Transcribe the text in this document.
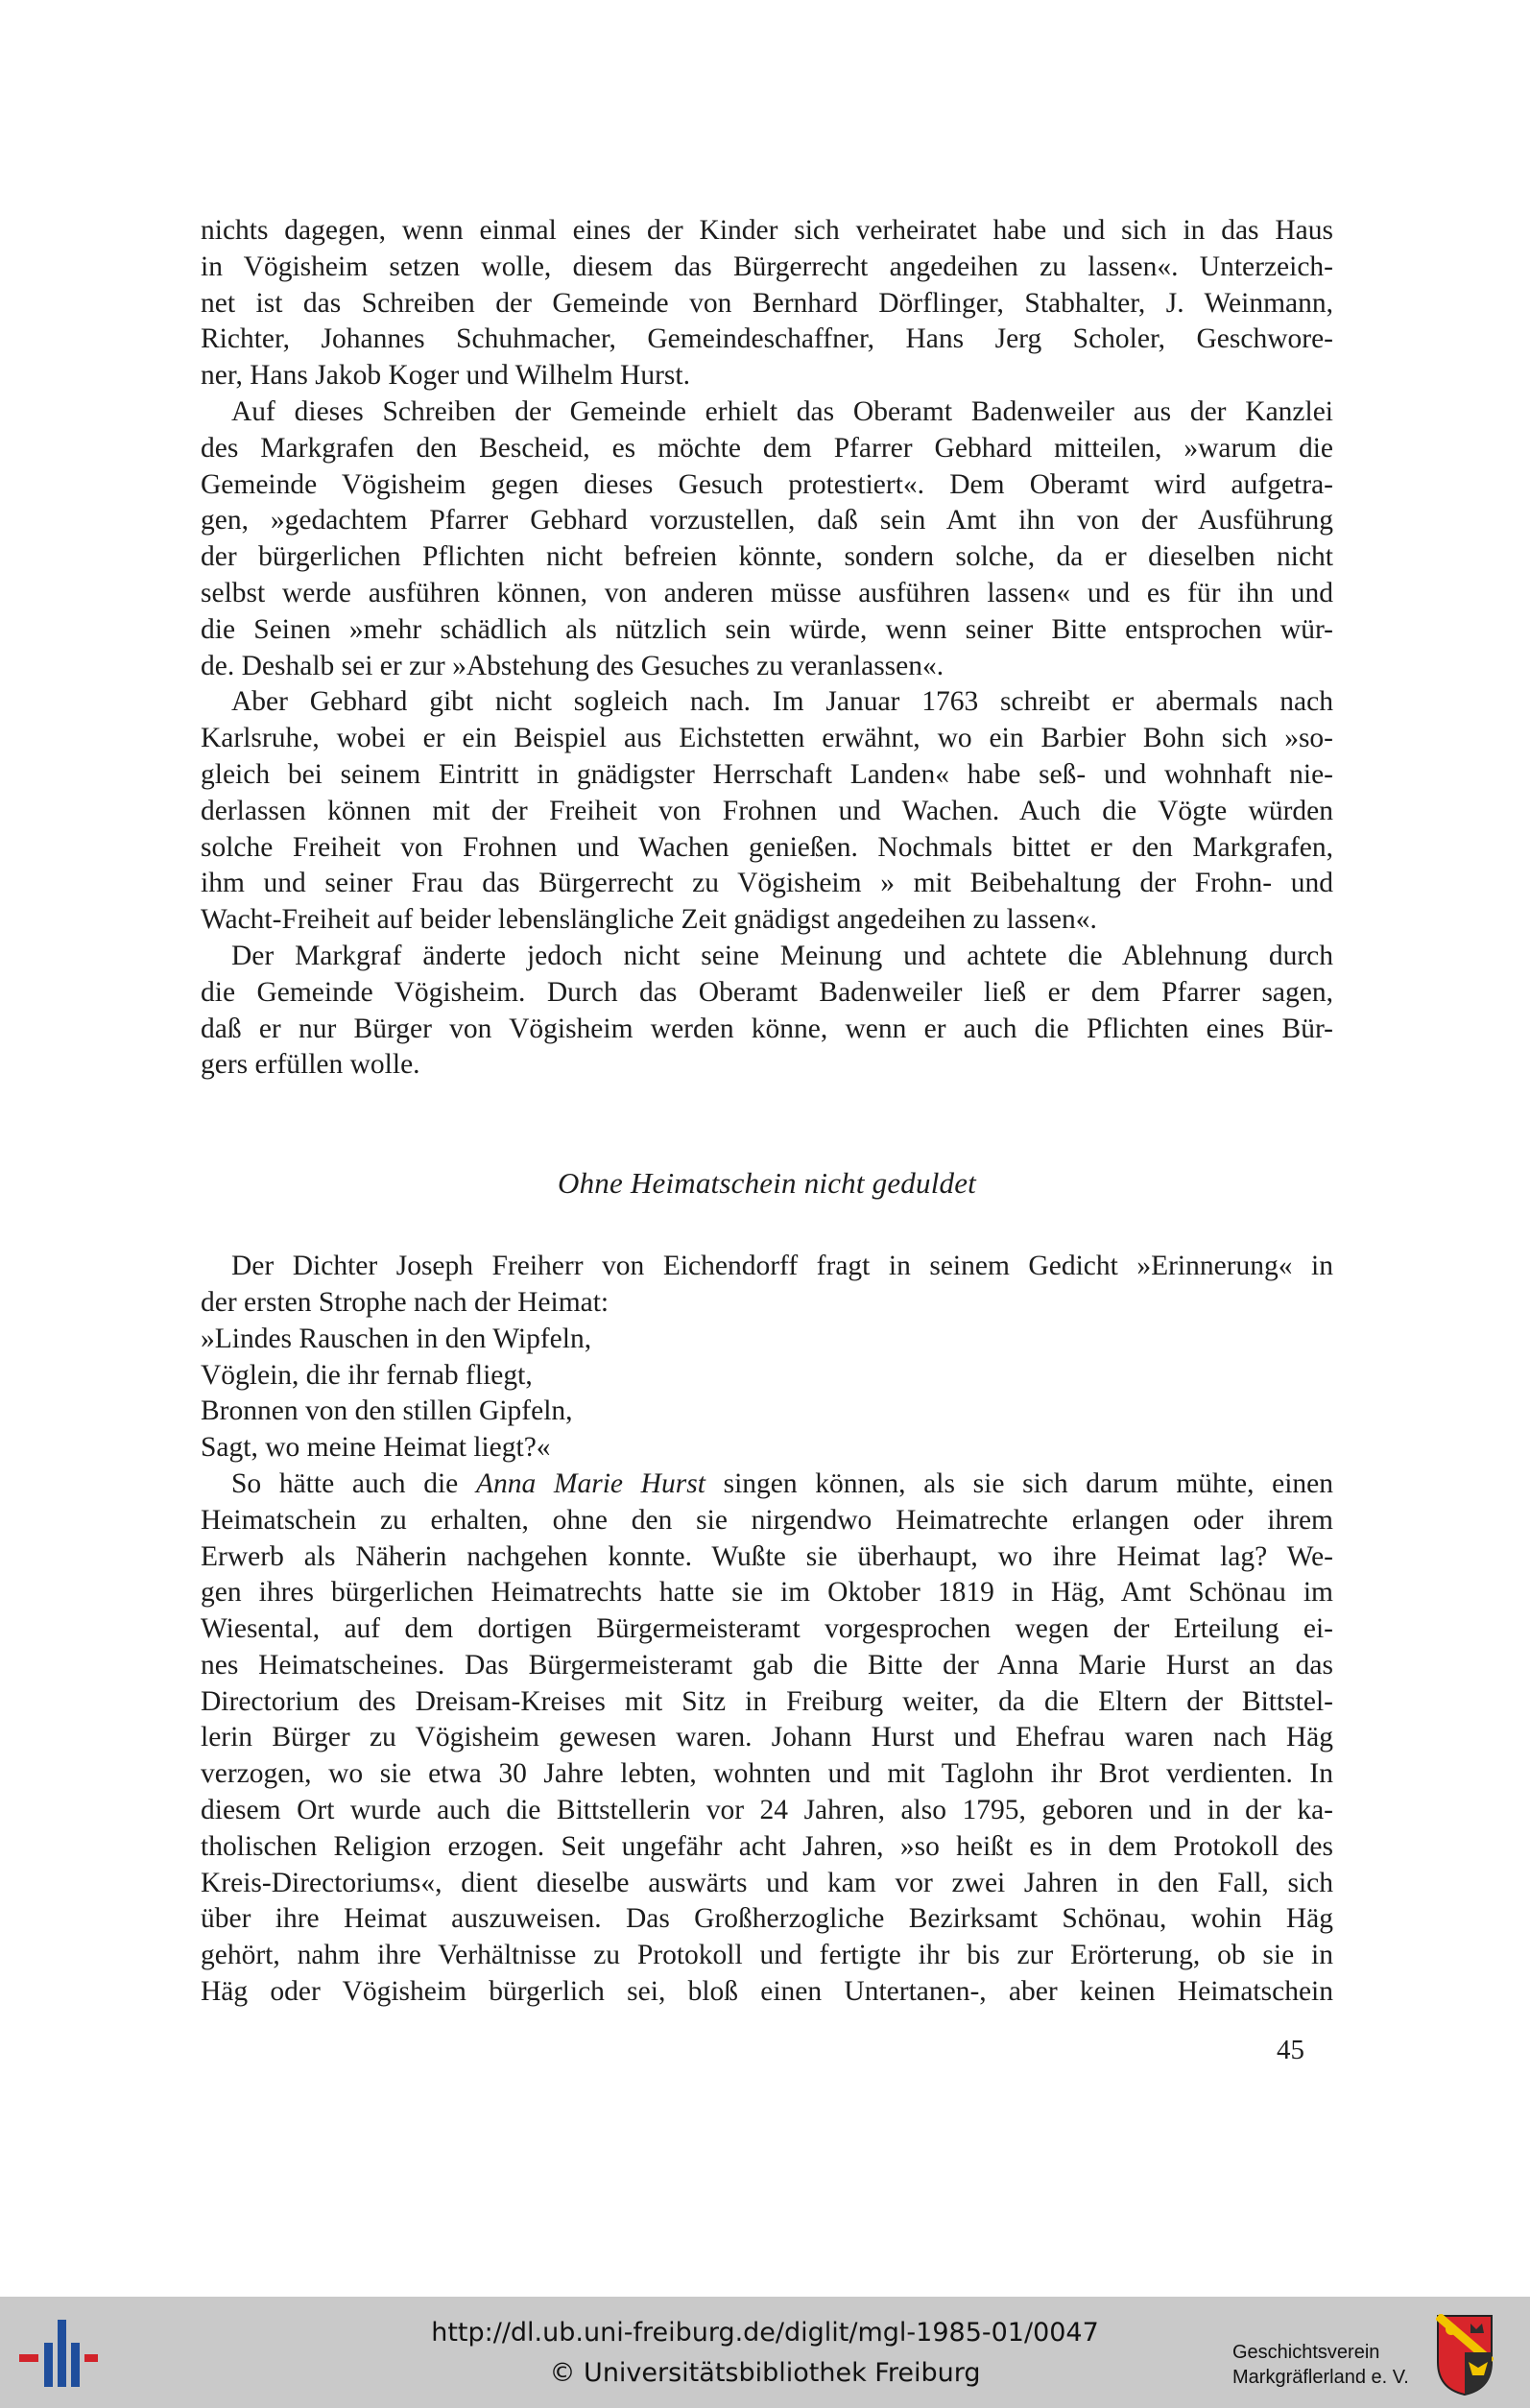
nichts dagegen, wenn einmal eines der Kinder sich verheiratet habe und sich in das Haus
in Vögisheim setzen wolle, diesem das Bürgerrecht angedeihen zu lassen«. Unterzeich-
net ist das Schreiben der Gemeinde von Bernhard Dörflinger, Stabhalter, J. Weinmann,
Richter, Johannes Schuhmacher, Gemeindeschaffner, Hans Jerg Scholer, Geschwore-
ner, Hans Jakob Koger und Wilhelm Hurst.

Auf dieses Schreiben der Gemeinde erhielt das Oberamt Badenweiler aus der Kanzlei
des Markgrafen den Bescheid, es möchte dem Pfarrer Gebhard mitteilen, »warum die
Gemeinde Vögisheim gegen dieses Gesuch protestiert«. Dem Oberamt wird aufgetra-
gen, »gedachtem Pfarrer Gebhard vorzustellen, daß sein Amt ihn von der Ausführung
der bürgerlichen Pflichten nicht befreien könnte, sondern solche, da er dieselben nicht
selbst werde ausführen können, von anderen müsse ausführen lassen« und es für ihn und
die Seinen »mehr schädlich als nützlich sein würde, wenn seiner Bitte entsprochen wür-
de. Deshalb sei er zur »Abstehung des Gesuches zu veranlassen«.

Aber Gebhard gibt nicht sogleich nach. Im Januar 1763 schreibt er abermals nach
Karlsruhe, wobei er ein Beispiel aus Eichstetten erwähnt, wo ein Barbier Bohn sich »so-
gleich bei seinem Eintritt in gnädigster Herrschaft Landen« habe seß- und wohnhaft nie-
derlassen können mit der Freiheit von Frohnen und Wachen. Auch die Vögte würden
solche Freiheit von Frohnen und Wachen genießen. Nochmals bittet er den Markgrafen,
ihm und seiner Frau das Bürgerrecht zu Vögisheim » mit Beibehaltung der Frohn- und
Wacht-Freiheit auf beider lebenslängliche Zeit gnädigst angedeihen zu lassen«.

Der Markgraf änderte jedoch nicht seine Meinung und achtete die Ablehnung durch
die Gemeinde Vögisheim. Durch das Oberamt Badenweiler ließ er dem Pfarrer sagen,
daß er nur Bürger von Vögisheim werden könne, wenn er auch die Pflichten eines Bür-
gers erfüllen wolle.

Ohne Heimatschein nicht geduldet

Der Dichter Joseph Freiherr von Eichendorff fragt in seinem Gedicht »Erinnerung« in
der ersten Strophe nach der Heimat:

»Lindes Rauschen in den Wipfeln,
Vöglein, die ihr fernab fliegt,
Bronnen von den stillen Gipfeln,
Sagt, wo meine Heimat liegt?«

So hätte auch die Anna Marie Hurst singen können, als sie sich darum mühte, einen
Heimatschein zu erhalten, ohne den sie nirgendwo Heimatrechte erlangen oder ihrem
Erwerb als Näherin nachgehen konnte. Wußte sie überhaupt, wo ihre Heimat lag? We-
gen ihres bürgerlichen Heimatrechts hatte sie im Oktober 1819 in Häg, Amt Schönau im
Wiesental, auf dem dortigen Bürgermeisteramt vorgesprochen wegen der Erteilung ei-
nes Heimatscheines. Das Bürgermeisteramt gab die Bitte der Anna Marie Hurst an das
Directorium des Dreisam-Kreises mit Sitz in Freiburg weiter, da die Eltern der Bittstel-
lerin Bürger zu Vögisheim gewesen waren. Johann Hurst und Ehefrau waren nach Häg
verzogen, wo sie etwa 30 Jahre lebten, wohnten und mit Taglohn ihr Brot verdienten. In
diesem Ort wurde auch die Bittstellerin vor 24 Jahren, also 1795, geboren und in der ka-
tholischen Religion erzogen. Seit ungefähr acht Jahren, »so heißt es in dem Protokoll des
Kreis-Directoriums«, dient dieselbe auswärts und kam vor zwei Jahren in den Fall, sich
über ihre Heimat auszuweisen. Das Großherzogliche Bezirksamt Schönau, wohin Häg
gehört, nahm ihre Verhältnisse zu Protokoll und fertigte ihr bis zur Erörterung, ob sie in
Häg oder Vögisheim bürgerlich sei, bloß einen Untertanen-, aber keinen Heimatschein

45
http://dl.ub.uni-freiburg.de/diglit/mgl-1985-01/0047
© Universitätsbibliothek Freiburg
Geschichtsverein
Markgräflerland e. V.
